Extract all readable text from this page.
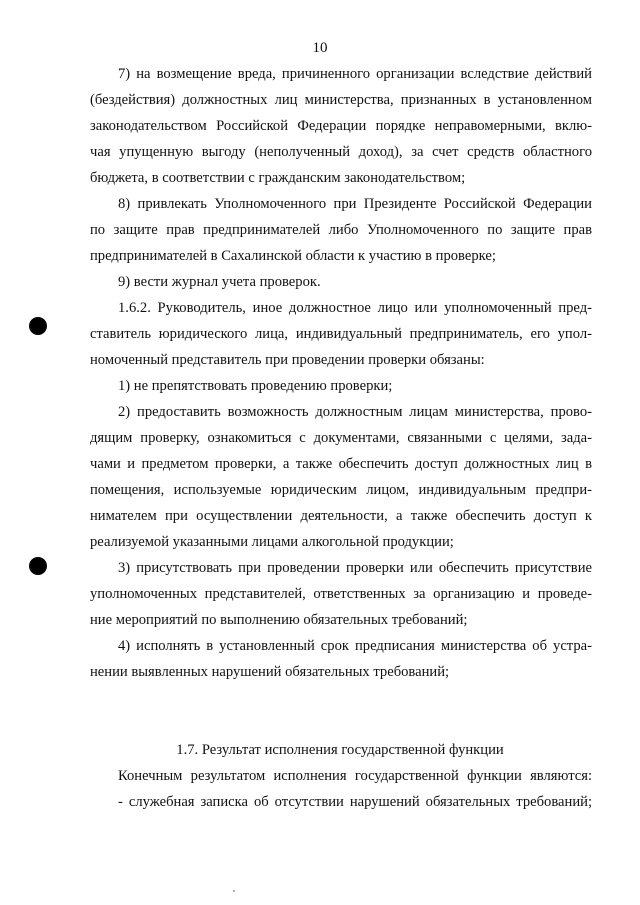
10
7) на возмещение вреда, причиненного организации вследствие действий
(бездействия) должностных лиц министерства, признанных в установленном
законодательством Российской Федерации порядке неправомерными, вклю-
чая упущенную выгоду (неполученный доход), за счет средств областного
бюджета, в соответствии с гражданским законодательством;
8) привлекать Уполномоченного при Президенте Российской Федерации
по защите прав предпринимателей либо Уполномоченного по защите прав
предпринимателей в Сахалинской области к участию в проверке;
9) вести журнал учета проверок.
1.6.2. Руководитель, иное должностное лицо или уполномоченный пред-
ставитель юридического лица, индивидуальный предприниматель, его упол-
номоченный представитель при проведении проверки обязаны:
1) не препятствовать проведению проверки;
2) предоставить возможность должностным лицам министерства, прово-
дящим проверку, ознакомиться с документами, связанными с целями, зада-
чами и предметом проверки, а также обеспечить доступ должностных лиц в
помещения, используемые юридическим лицом, индивидуальным предпри-
нимателем при осуществлении деятельности, а также обеспечить доступ к
реализуемой указанными лицами алкогольной продукции;
3) присутствовать при проведении проверки или обеспечить присутствие
уполномоченных представителей, ответственных за организацию и проведе-
ние мероприятий по выполнению обязательных требований;
4) исполнять в установленный срок предписания министерства об устра-
нении выявленных нарушений обязательных требований;
1.7. Результат исполнения государственной функции
Конечным результатом исполнения государственной функции являются:
- служебная записка об отсутствии нарушений обязательных требований;
